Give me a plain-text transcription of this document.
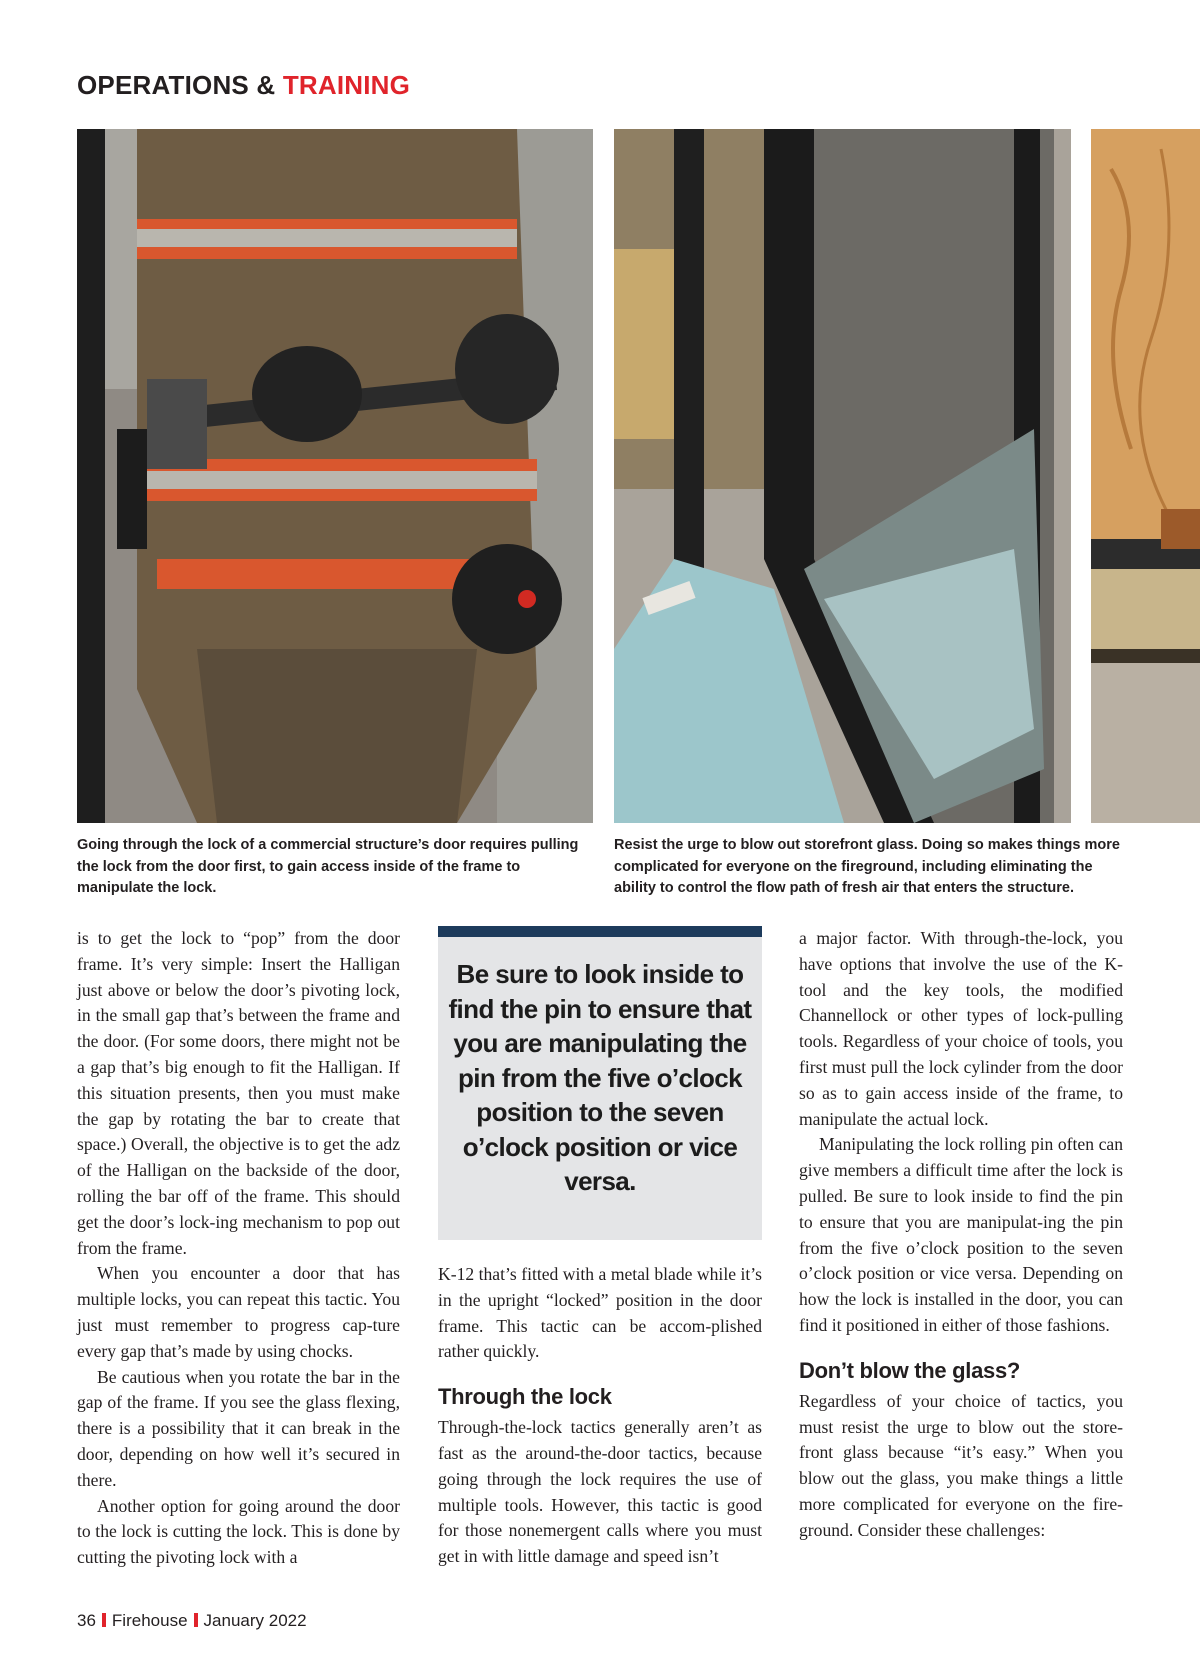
OPERATIONS & TRAINING
Going through the lock of a commercial structure’s door requires pulling the lock from the door first, to gain access inside of the frame to manipulate the lock.
Resist the urge to blow out storefront glass. Doing so makes things more complicated for everyone on the fireground, including eliminating the ability to control the flow path of fresh air that enters the structure.

is to get the lock to “pop” from the door frame. It’s very simple: Insert the Halligan just above or below the door’s pivoting lock, in the small gap that’s between the frame and the door. (For some doors, there might not be a gap that’s big enough to fit the Halligan. If this situation presents, then you must make the gap by rotating the bar to create that space.) Overall, the objective is to get the adz of the Halligan on the backside of the door, rolling the bar off of the frame. This should get the door’s lock-ing mechanism to pop out from the frame.

When you encounter a door that has multiple locks, you can repeat this tactic. You just must remember to progress cap-ture every gap that’s made by using chocks.

Be cautious when you rotate the bar in the gap of the frame. If you see the glass flexing, there is a possibility that it can break in the door, depending on how well it’s secured in there.

Another option for going around the door to the lock is cutting the lock. This is done by cutting the pivoting lock with a

Be sure to look inside to find the pin to ensure that you are manipulating the pin from the five o’clock position to the seven o’clock position or vice versa.

K-12 that’s fitted with a metal blade while it’s in the upright “locked” position in the door frame. This tactic can be accom-plished rather quickly.

Through the lock

Through-the-lock tactics generally aren’t as fast as the around-the-door tactics, because going through the lock requires the use of multiple tools. However, this tactic is good for those nonemergent calls where you must get in with little damage and speed isn’t

a major factor. With through-the-lock, you have options that involve the use of the K-tool and the key tools, the modified Channellock or other types of lock-pulling tools. Regardless of your choice of tools, you first must pull the lock cylinder from the door so as to gain access inside of the frame, to manipulate the actual lock.

Manipulating the lock rolling pin often can give members a difficult time after the lock is pulled. Be sure to look inside to find the pin to ensure that you are manipulat-ing the pin from the five o’clock position to the seven o’clock position or vice versa. Depending on how the lock is installed in the door, you can find it positioned in either of those fashions.

Don’t blow the glass?

Regardless of your choice of tactics, you must resist the urge to blow out the store-front glass because “it’s easy.” When you blow out the glass, you make things a little more complicated for everyone on the fire-ground. Consider these challenges:

36 Firehouse January 2022
